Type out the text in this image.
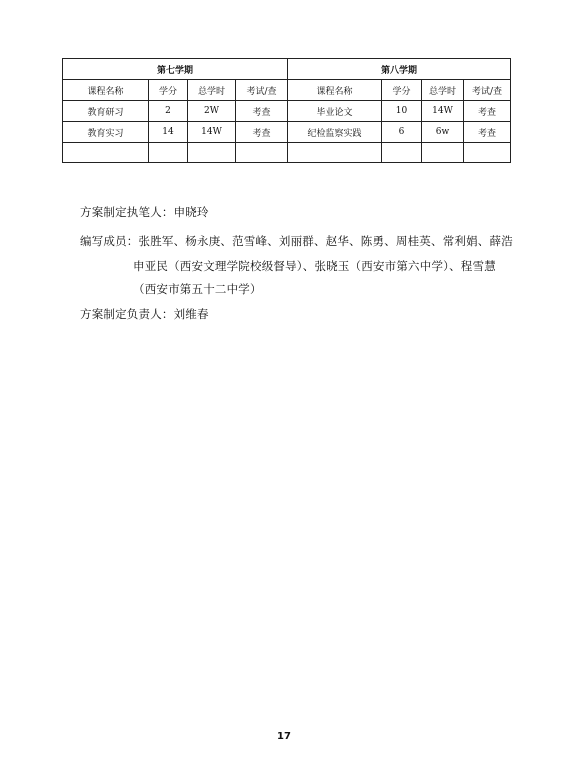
第七学期				第八学期			
课程名称	学分	总学时	考试/查	课程名称	学分	总学时	考试/查
教育研习	2	2W	考查	毕业论文	10	14W	考查
教育实习	14	14W	考查	纪检监察实践	6	6w	考查

方案制定执笔人：申晓玲
编写成员：张胜军、杨永庚、范雪峰、刘丽群、赵华、陈勇、周桂英、常利娟、薛浩
申亚民（西安文理学院校级督导）、张晓玉（西安市第六中学）、程雪慧
（西安市第五十二中学）
方案制定负责人：刘维春
17
